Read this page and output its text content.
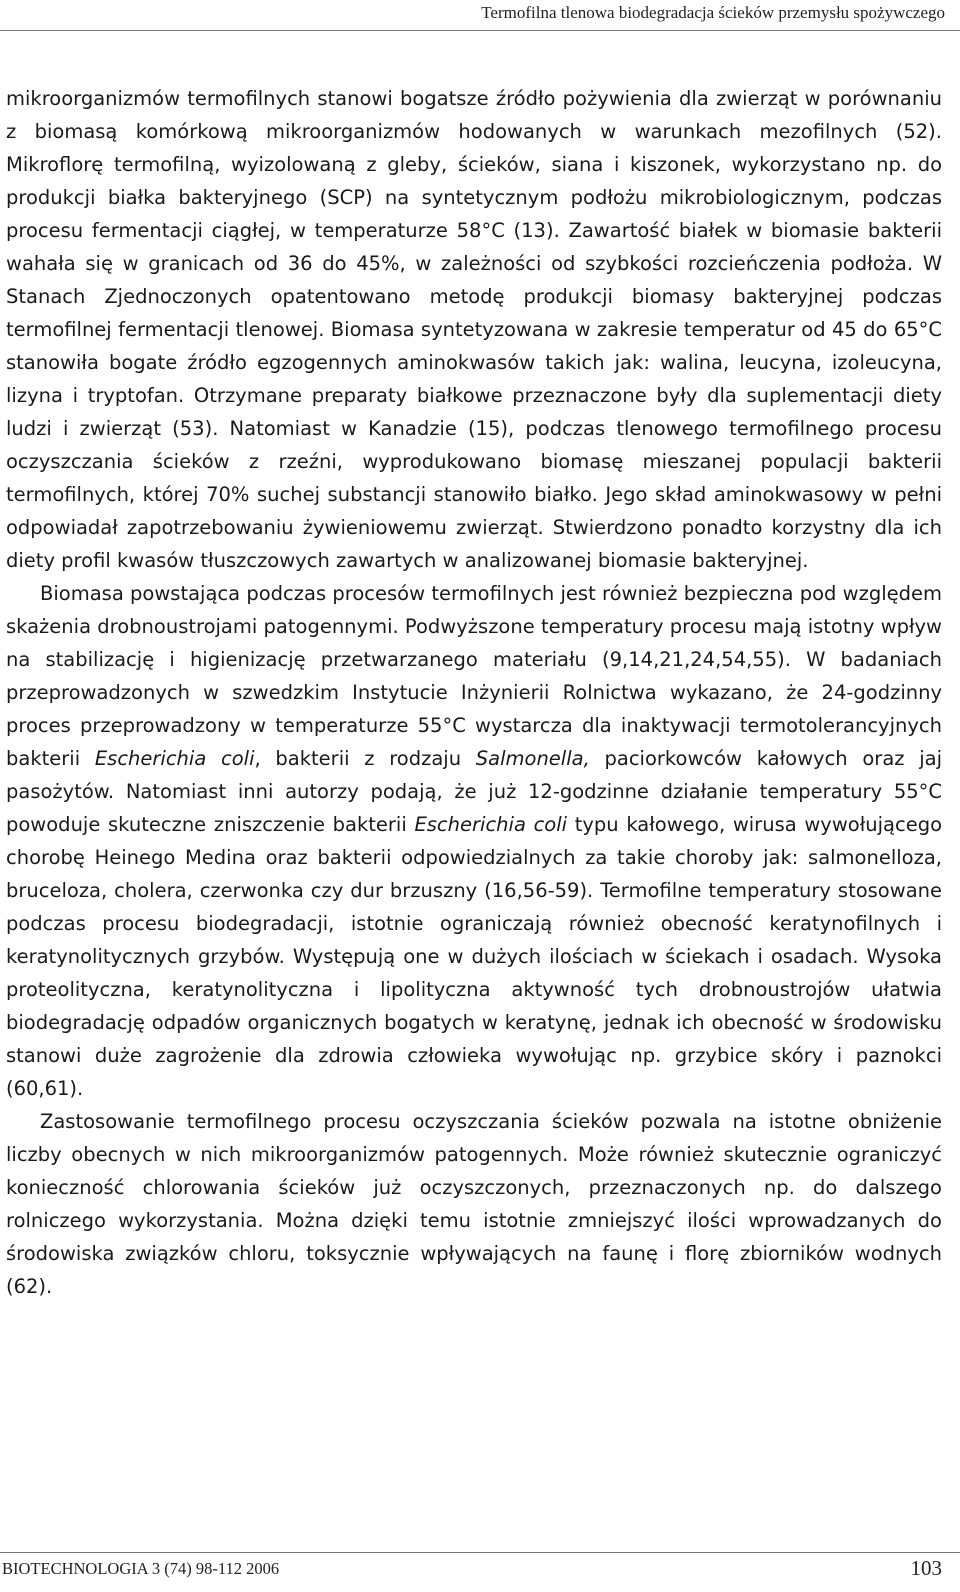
Termofilna tlenowa biodegradacja ścieków przemysłu spożywczego

mikroorganizmów termofilnych stanowi bogatsze źródło pożywienia dla zwierząt w porównaniu z biomasą komórkową mikroorganizmów hodowanych w warunkach mezofilnych (52). Mikroflorę termofilną, wyizolowaną z gleby, ścieków, siana i kiszonek, wykorzystano np. do produkcji białka bakteryjnego (SCP) na syntetycznym podłożu mikrobiologicznym, podczas procesu fermentacji ciągłej, w temperaturze 58°C (13). Zawartość białek w biomasie bakterii wahała się w granicach od 36 do 45%, w zależności od szybkości rozcieńczenia podłoża. W Stanach Zjednoczonych opatentowano metodę produkcji biomasy bakteryjnej podczas termofilnej fermentacji tlenowej. Biomasa syntetyzowana w zakresie temperatur od 45 do 65°C stanowiła bogate źródło egzogennych aminokwasów takich jak: walina, leucyna, izoleucyna, lizyna i tryptofan. Otrzymane preparaty białkowe przeznaczone były dla suplementacji diety ludzi i zwierząt (53). Natomiast w Kanadzie (15), podczas tlenowego termofilnego procesu oczyszczania ścieków z rzeźni, wyprodukowano biomasę mieszanej populacji bakterii termofilnych, której 70% suchej substancji stanowiło białko. Jego skład aminokwasowy w pełni odpowiadał zapotrzebowaniu żywieniowemu zwierząt. Stwierdzono ponadto korzystny dla ich diety profil kwasów tłuszczowych zawartych w analizowanej biomasie bakteryjnej.

Biomasa powstająca podczas procesów termofilnych jest również bezpieczna pod względem skażenia drobnoustrojami patogennymi. Podwyższone temperatury procesu mają istotny wpływ na stabilizację i higienizację przetwarzanego materiału (9,14,21,24,54,55). W badaniach przeprowadzonych w szwedzkim Instytucie Inżynierii Rolnictwa wykazano, że 24-godzinny proces przeprowadzony w temperaturze 55°C wystarcza dla inaktywacji termotolerancyjnych bakterii Escherichia coli, bakterii z rodzaju Salmonella, paciorkowców kałowych oraz jaj pasożytów. Natomiast inni autorzy podają, że już 12-godzinne działanie temperatury 55°C powoduje skuteczne zniszczenie bakterii Escherichia coli typu kałowego, wirusa wywołującego chorobę Heinego Medina oraz bakterii odpowiedzialnych za takie choroby jak: salmonelloza, bruceloza, cholera, czerwonka czy dur brzuszny (16,56-59). Termofilne temperatury stosowane podczas procesu biodegradacji, istotnie ograniczają również obecność keratynofilnych i keratynolitycznych grzybów. Występują one w dużych ilościach w ściekach i osadach. Wysoka proteolityczna, keratynolityczna i lipolityczna aktywność tych drobnoustrojów ułatwia biodegradację odpadów organicznych bogatych w keratynę, jednak ich obecność w środowisku stanowi duże zagrożenie dla zdrowia człowieka wywołując np. grzybice skóry i paznokci (60,61).

Zastosowanie termofilnego procesu oczyszczania ścieków pozwala na istotne obniżenie liczby obecnych w nich mikroorganizmów patogennych. Może również skutecznie ograniczyć konieczność chlorowania ścieków już oczyszczonych, przeznaczonych np. do dalszego rolniczego wykorzystania. Można dzięki temu istotnie zmniejszyć ilości wprowadzanych do środowiska związków chloru, toksycznie wpływających na faunę i florę zbiorników wodnych (62).

BIOTECHNOLOGIA 3 (74) 98-112 2006	103
